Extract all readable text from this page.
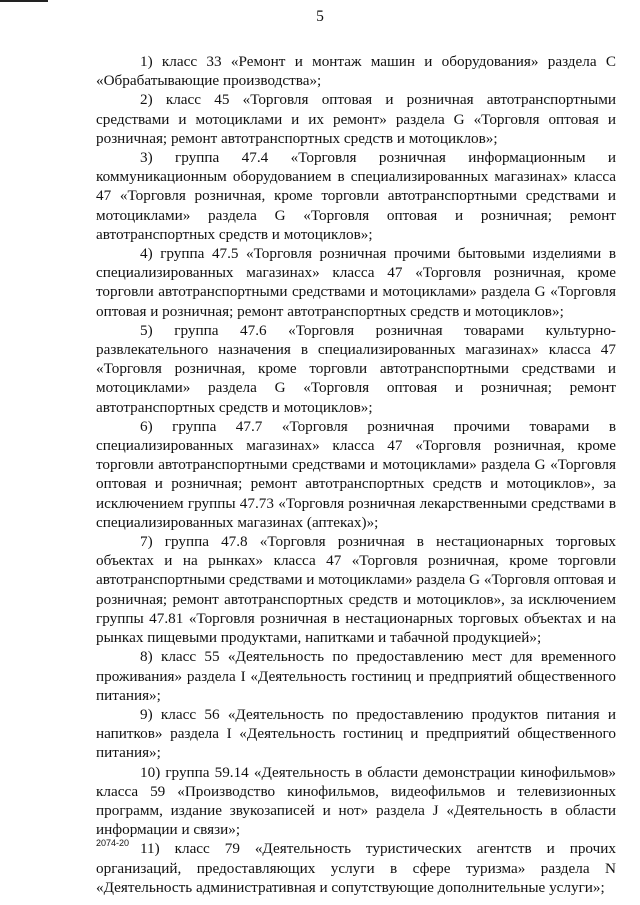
5

1) класс 33 «Ремонт и монтаж машин и оборудования» раздела C «Обрабатывающие производства»;

2) класс 45 «Торговля оптовая и розничная автотранспортными средствами и мотоциклами и их ремонт» раздела G «Торговля оптовая и розничная; ремонт автотранспортных средств и мотоциклов»;

3) группа 47.4 «Торговля розничная информационным и коммуникационным оборудованием в специализированных магазинах» класса 47 «Торговля розничная, кроме торговли автотранспортными средствами и мотоциклами» раздела G «Торговля оптовая и розничная; ремонт автотранспортных средств и мотоциклов»;

4) группа 47.5 «Торговля розничная прочими бытовыми изделиями в специализированных магазинах» класса 47 «Торговля розничная, кроме торговли автотранспортными средствами и мотоциклами» раздела G «Торговля оптовая и розничная; ремонт автотранспортных средств и мотоциклов»;

5) группа 47.6 «Торговля розничная товарами культурно-развлекательного назначения в специализированных магазинах» класса 47 «Торговля розничная, кроме торговли автотранспортными средствами и мотоциклами» раздела G «Торговля оптовая и розничная; ремонт автотранспортных средств и мотоциклов»;

6) группа 47.7 «Торговля розничная прочими товарами в специализированных магазинах» класса 47 «Торговля розничная, кроме торговли автотранспортными средствами и мотоциклами» раздела G «Торговля оптовая и розничная; ремонт автотранспортных средств и мотоциклов», за исключением группы 47.73 «Торговля розничная лекарственными средствами в специализированных магазинах (аптеках)»;

7) группа 47.8 «Торговля розничная в нестационарных торговых объектах и на рынках» класса 47 «Торговля розничная, кроме торговли автотранспортными средствами и мотоциклами» раздела G «Торговля оптовая и розничная; ремонт автотранспортных средств и мотоциклов», за исключением группы 47.81 «Торговля розничная в нестационарных торговых объектах и на рынках пищевыми продуктами, напитками и табачной продукцией»;

8) класс 55 «Деятельность по предоставлению мест для временного проживания» раздела I «Деятельность гостиниц и предприятий общественного питания»;

9) класс 56 «Деятельность по предоставлению продуктов питания и напитков» раздела I «Деятельность гостиниц и предприятий общественного питания»;

10) группа 59.14 «Деятельность в области демонстрации кинофильмов» класса 59 «Производство кинофильмов, видеофильмов и телевизионных программ, издание звукозаписей и нот» раздела J «Деятельность в области информации и связи»;

11) класс 79 «Деятельность туристических агентств и прочих организаций, предоставляющих услуги в сфере туризма» раздела N «Деятельность административная и сопутствующие дополнительные услуги»;

2074-20
